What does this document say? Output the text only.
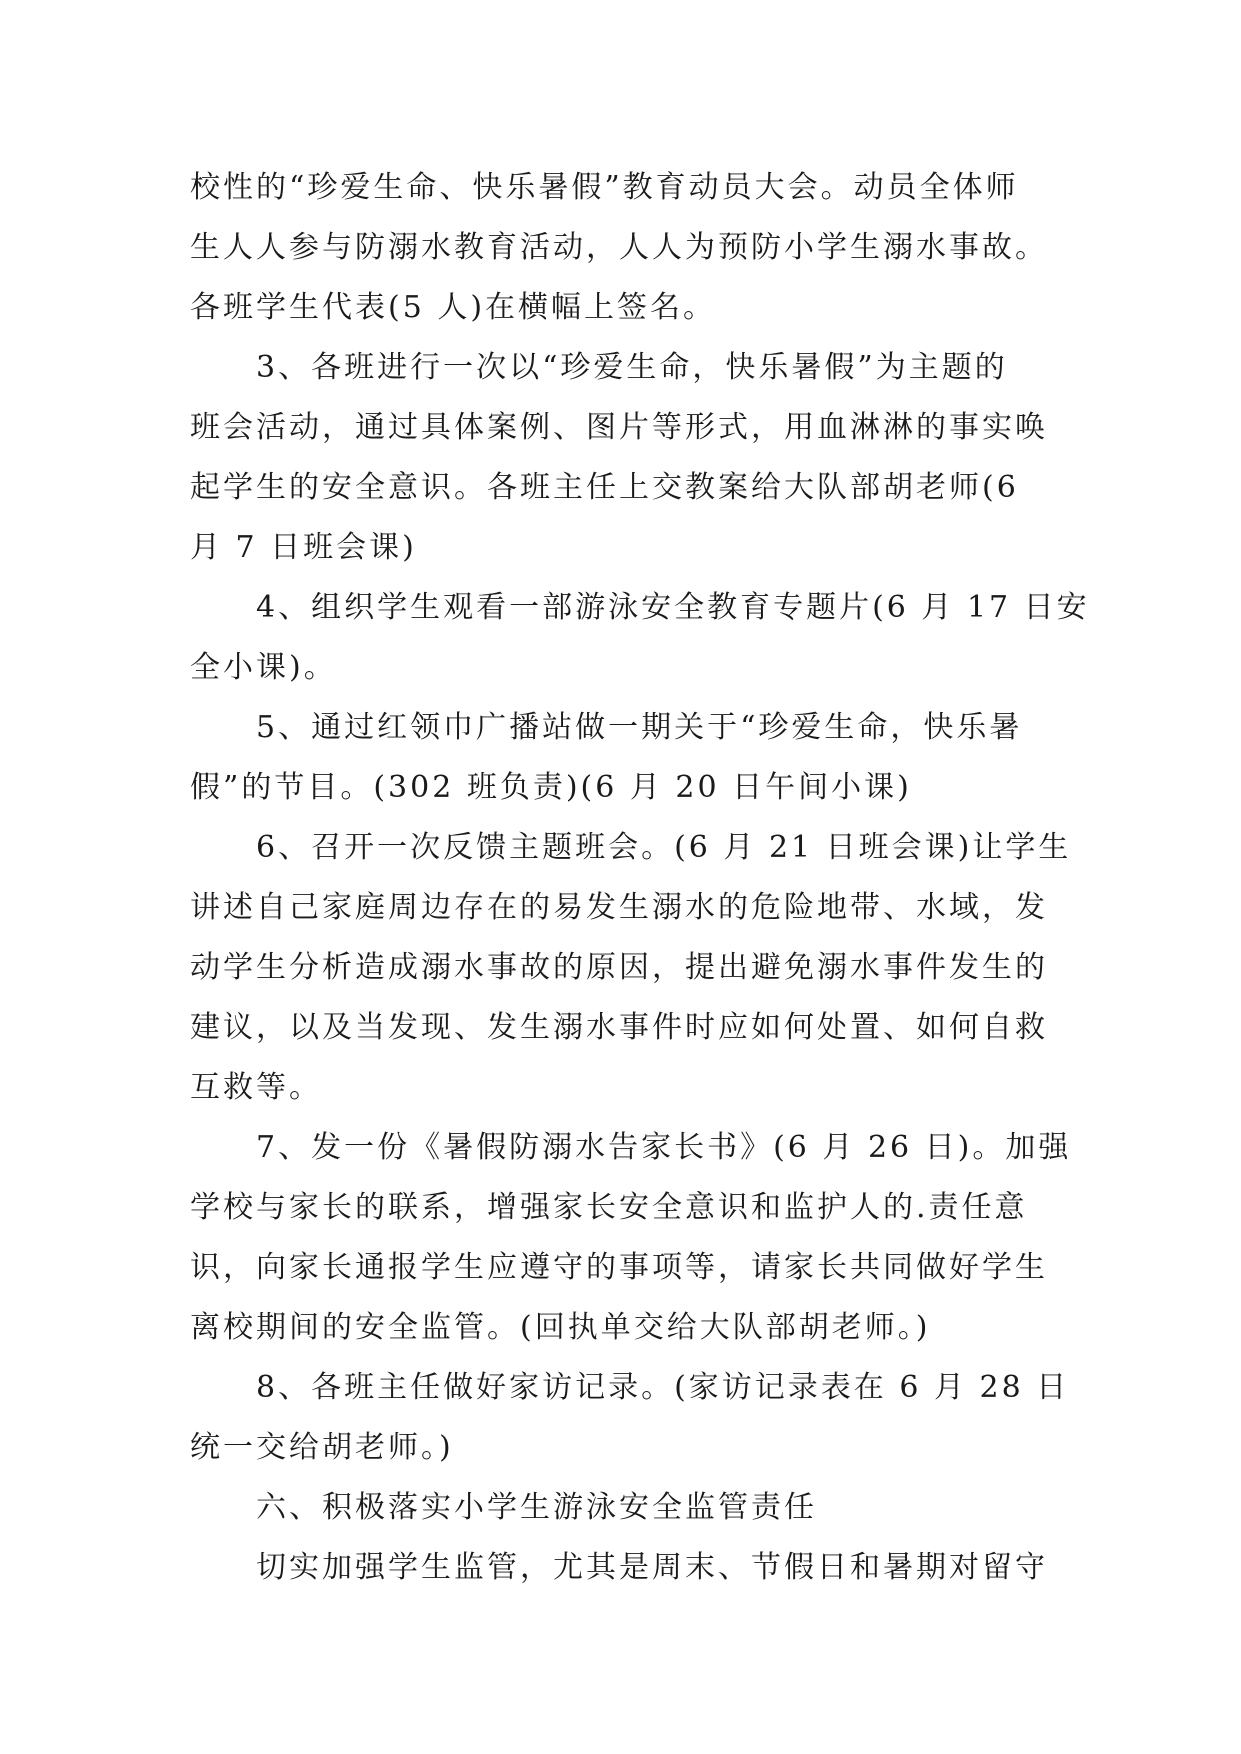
校性的“珍爱生命、快乐暑假”教育动员大会。动员全体师
生人人参与防溺水教育活动，人人为预防小学生溺水事故。
各班学生代表(5 人)在横幅上签名。
3、各班进行一次以“珍爱生命，快乐暑假”为主题的
班会活动，通过具体案例、图片等形式，用血淋淋的事实唤
起学生的安全意识。各班主任上交教案给大队部胡老师(6
月 7 日班会课)
4、组织学生观看一部游泳安全教育专题片(6 月 17 日安
全小课)。
5、通过红领巾广播站做一期关于“珍爱生命，快乐暑
假”的节目。(302 班负责)(6 月 20 日午间小课)
6、召开一次反馈主题班会。(6 月 21 日班会课)让学生
讲述自己家庭周边存在的易发生溺水的危险地带、水域，发
动学生分析造成溺水事故的原因，提出避免溺水事件发生的
建议，以及当发现、发生溺水事件时应如何处置、如何自救
互救等。
7、发一份《暑假防溺水告家长书》(6 月 26 日)。加强
学校与家长的联系，增强家长安全意识和监护人的.责任意
识，向家长通报学生应遵守的事项等，请家长共同做好学生
离校期间的安全监管。(回执单交给大队部胡老师。)
8、各班主任做好家访记录。(家访记录表在 6 月 28 日
统一交给胡老师。)
六、积极落实小学生游泳安全监管责任
切实加强学生监管，尤其是周末、节假日和暑期对留守
